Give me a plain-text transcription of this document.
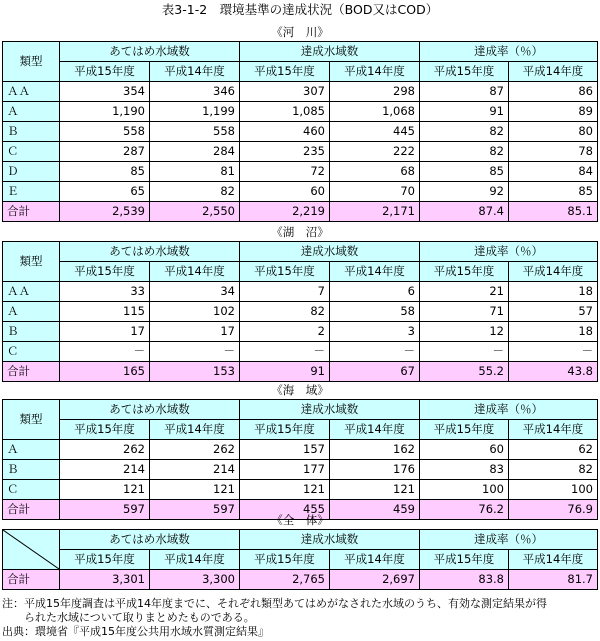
表3-1-2　環境基準の達成状況（BOD又はCOD）
《河　川》
類型	あてはめ水域数		達成水域数		達成率（％）	
	平成15年度	平成14年度	平成15年度	平成14年度	平成15年度	平成14年度
ＡＡ	354	346	307	298	87	86
Ａ	1,190	1,199	1,085	1,068	91	89
Ｂ	558	558	460	445	82	80
Ｃ	287	284	235	222	82	78
Ｄ	85	81	72	68	85	84
Ｅ	65	82	60	70	92	85
合計	2,539	2,550	2,219	2,171	87.4	85.1
《湖　沼》
類型	あてはめ水域数		達成水域数		達成率（％）	
	平成15年度	平成14年度	平成15年度	平成14年度	平成15年度	平成14年度
ＡＡ	33	34	7	6	21	18
Ａ	115	102	82	58	71	57
Ｂ	17	17	2	3	12	18
Ｃ	－	－	－	－	－	－
合計	165	153	91	67	55.2	43.8
《海　域》
類型	あてはめ水域数		達成水域数		達成率（％）	
	平成15年度	平成14年度	平成15年度	平成14年度	平成15年度	平成14年度
Ａ	262	262	157	162	60	62
Ｂ	214	214	177	176	83	82
Ｃ	121	121	121	121	100	100
合計	597	597	455	459	76.2	76.9
《全　体》
	あてはめ水域数		達成水域数		達成率（％）	
	平成15年度	平成14年度	平成15年度	平成14年度	平成15年度	平成14年度
合計	3,301	3,300	2,765	2,697	83.8	81.7
注：平成15年度調査は平成14年度までに、それぞれ類型あてはめがなされた水域のうち、有効な測定結果が得
　　られた水域について取りまとめたものである。
出典：環境省『平成15年度公共用水域水質測定結果』
